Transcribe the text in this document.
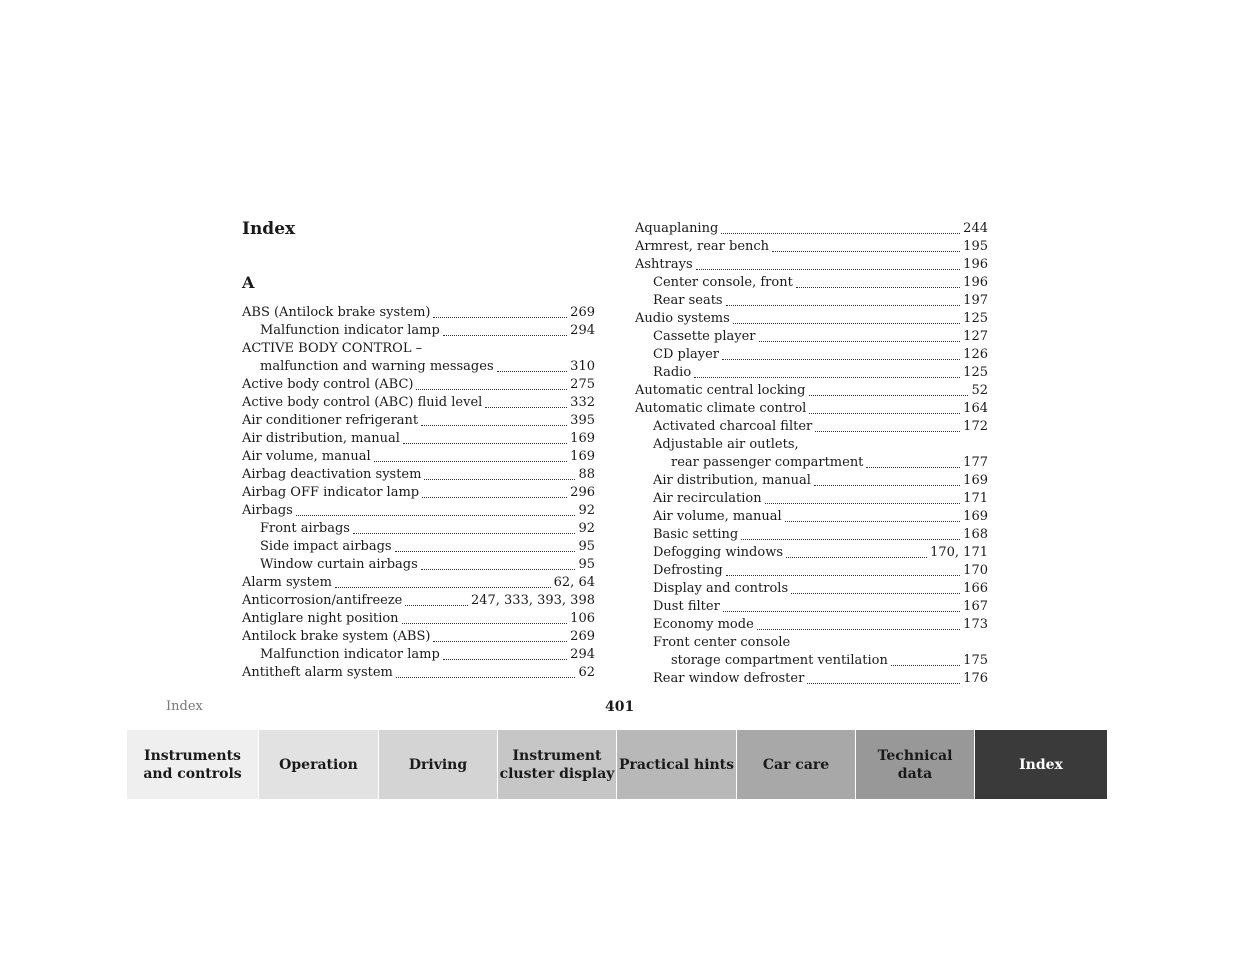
Index
A
ABS (Antilock brake system)	269
Malfunction indicator lamp	294
ACTIVE BODY CONTROL –
malfunction and warning messages	310
Active body control (ABC)	275
Active body control (ABC) fluid level	332
Air conditioner refrigerant	395
Air distribution, manual	169
Air volume, manual	169
Airbag deactivation system	88
Airbag OFF indicator lamp	296
Airbags	92
Front airbags	92
Side impact airbags	95
Window curtain airbags	95
Alarm system	62, 64
Anticorrosion/antifreeze	247, 333, 393, 398
Antiglare night position	106
Antilock brake system (ABS)	269
Malfunction indicator lamp	294
Antitheft alarm system	62
Aquaplaning	244
Armrest, rear bench	195
Ashtrays	196
Center console, front	196
Rear seats	197
Audio systems	125
Cassette player	127
CD player	126
Radio	125
Automatic central locking	52
Automatic climate control	164
Activated charcoal filter	172
Adjustable air outlets,
rear passenger compartment	177
Air distribution, manual	169
Air recirculation	171
Air volume, manual	169
Basic setting	168
Defogging windows	170, 171
Defrosting	170
Display and controls	166
Dust filter	167
Economy mode	173
Front center console
storage compartment ventilation	175
Rear window defroster	176
Index	401
Instruments
and controls
Operation	Driving
Instrument
cluster display
Practical hints Car care
Technical
data
Index
